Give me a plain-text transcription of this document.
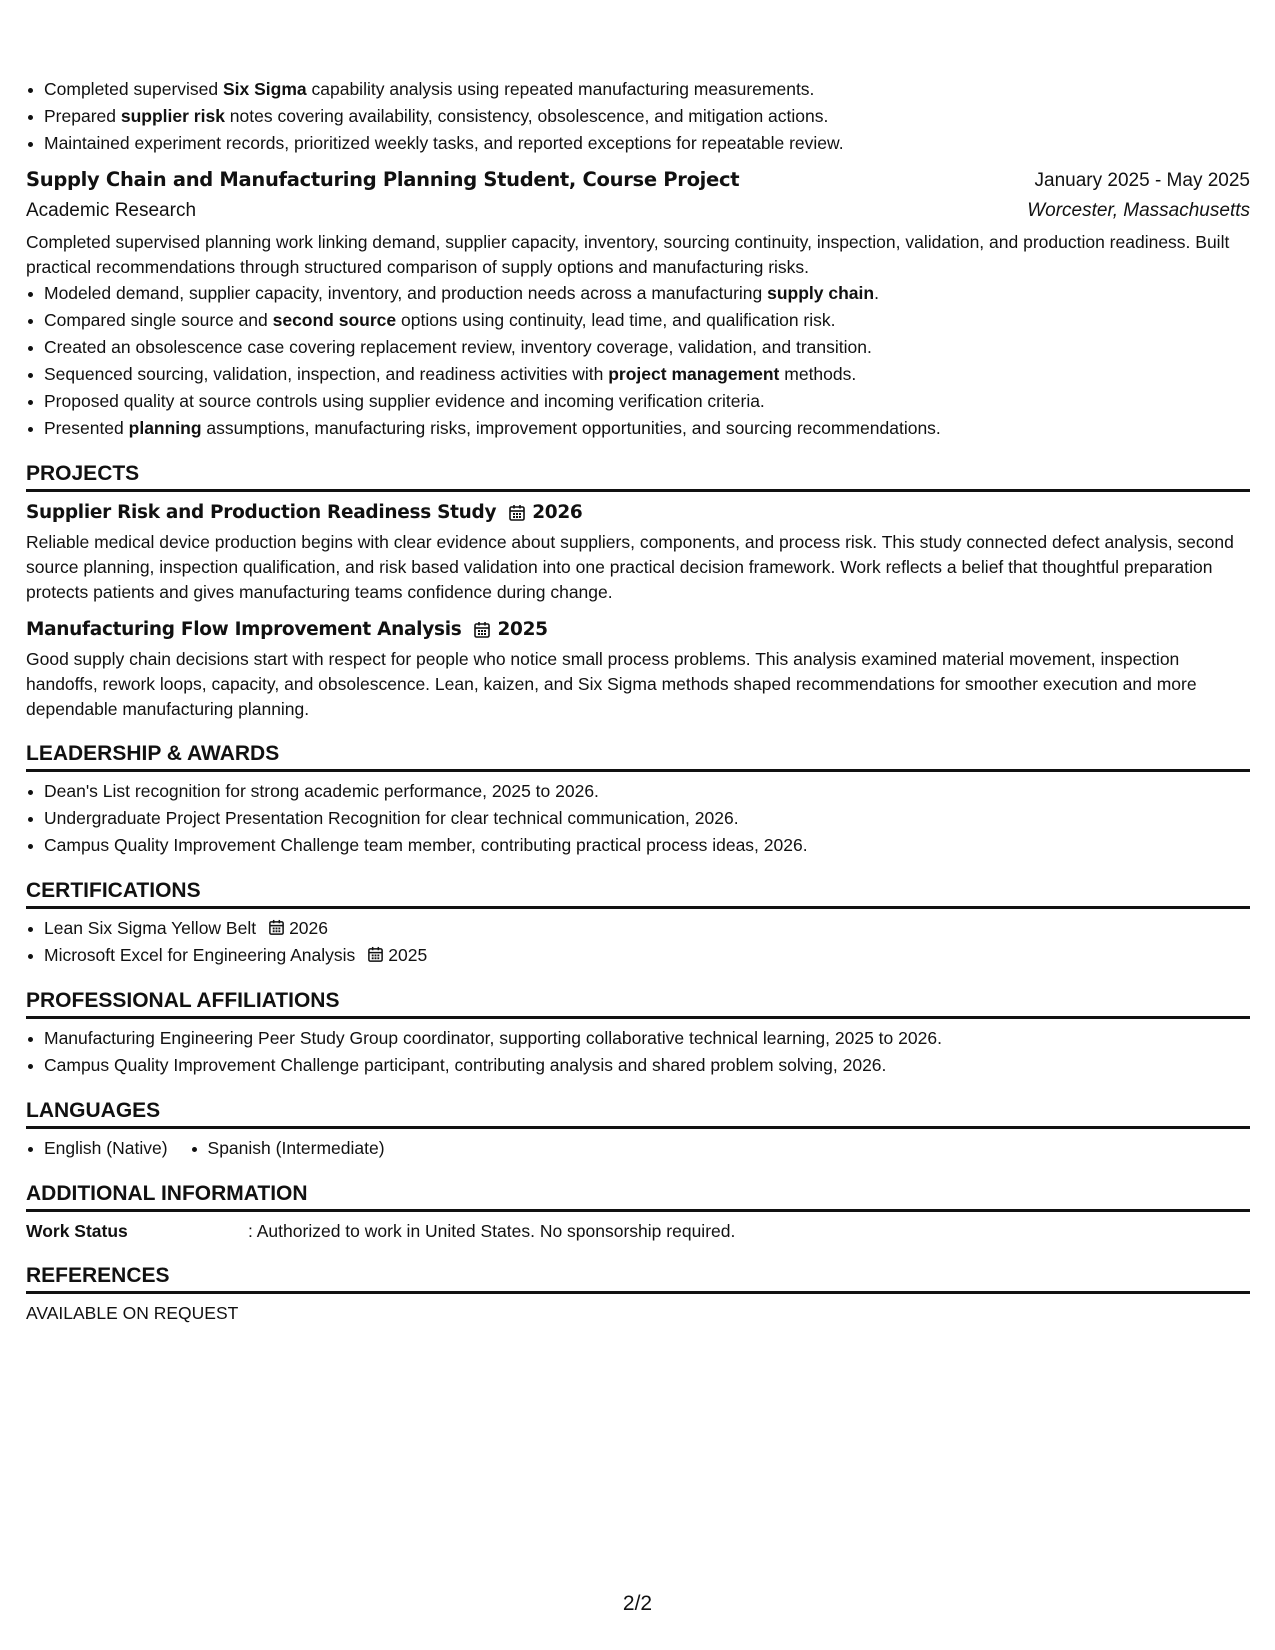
Completed supervised Six Sigma capability analysis using repeated manufacturing measurements.
Prepared supplier risk notes covering availability, consistency, obsolescence, and mitigation actions.
Maintained experiment records, prioritized weekly tasks, and reported exceptions for repeatable review.
Supply Chain and Manufacturing Planning Student, Course Project	January 2025 - May 2025
Academic Research	Worcester, Massachusetts

Completed supervised planning work linking demand, supplier capacity, inventory, sourcing continuity, inspection, validation, and production readiness. Built practical recommendations through structured comparison of supply options and manufacturing risks.

Modeled demand, supplier capacity, inventory, and production needs across a manufacturing supply chain.
Compared single source and second source options using continuity, lead time, and qualification risk.
Created an obsolescence case covering replacement review, inventory coverage, validation, and transition.
Sequenced sourcing, validation, inspection, and readiness activities with project management methods.
Proposed quality at source controls using supplier evidence and incoming verification criteria.
Presented planning assumptions, manufacturing risks, improvement opportunities, and sourcing recommendations.
PROJECTS
Supplier Risk and Production Readiness Study 2026

Reliable medical device production begins with clear evidence about suppliers, components, and process risk. This study connected defect analysis, second source planning, inspection qualification, and risk based validation into one practical decision framework. Work reflects a belief that thoughtful preparation protects patients and gives manufacturing teams confidence during change.

Manufacturing Flow Improvement Analysis 2025

Good supply chain decisions start with respect for people who notice small process problems. This analysis examined material movement, inspection handoffs, rework loops, capacity, and obsolescence. Lean, kaizen, and Six Sigma methods shaped recommendations for smoother execution and more dependable manufacturing planning.

LEADERSHIP & AWARDS
Dean's List recognition for strong academic performance, 2025 to 2026.
Undergraduate Project Presentation Recognition for clear technical communication, 2026.
Campus Quality Improvement Challenge team member, contributing practical process ideas, 2026.
CERTIFICATIONS
Lean Six Sigma Yellow Belt 2026
Microsoft Excel for Engineering Analysis 2025
PROFESSIONAL AFFILIATIONS
Manufacturing Engineering Peer Study Group coordinator, supporting collaborative technical learning, 2025 to 2026.
Campus Quality Improvement Challenge participant, contributing analysis and shared problem solving, 2026.
LANGUAGES
English (Native) Spanish (Intermediate)
ADDITIONAL INFORMATION
Work Status	: Authorized to work in United States. No sponsorship required.
REFERENCES
AVAILABLE ON REQUEST
2/2
